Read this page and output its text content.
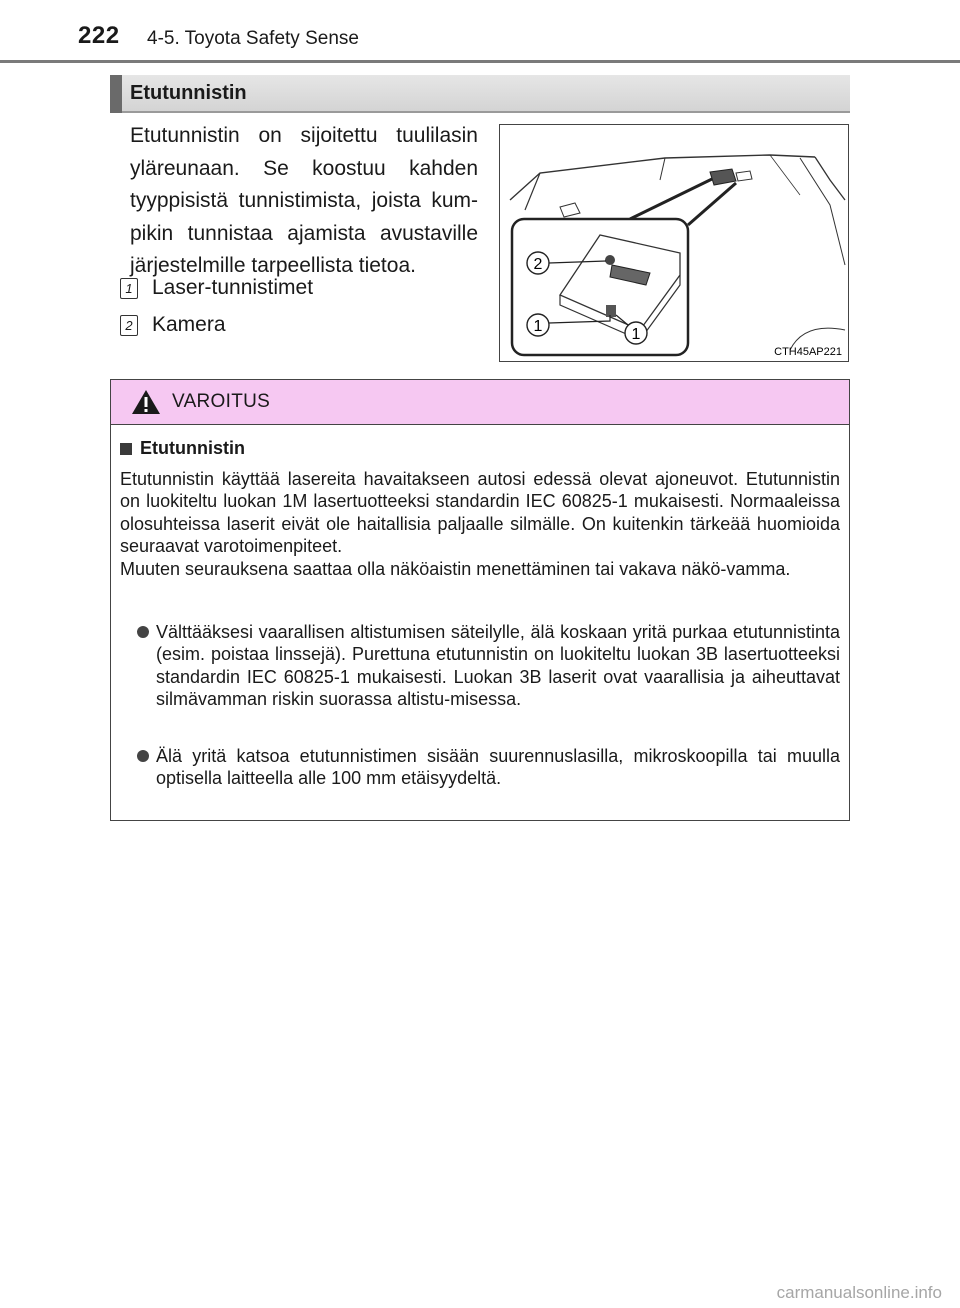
222 4-5. Toyota Safety Sense
Etutunnistin
Etutunnistin on sijoitettu tuulilasin yläreunaan. Se koostuu kahden tyyppisistä tunnistimista, joista kum-pikin tunnistaa ajamista avustaville järjestelmille tarpeellista tietoa.
1 Laser-tunnistimet
2 Kamera
2
1	1
CTH45AP221
VAROITUS
Etutunnistin
Etutunnistin käyttää lasereita havaitakseen autosi edessä olevat ajoneuvot. Etutunnistin on luokiteltu luokan 1M lasertuotteeksi standardin IEC 60825-1 mukaisesti. Normaaleissa olosuhteissa laserit eivät ole haitallisia paljaalle silmälle. On kuitenkin tärkeää huomioida seuraavat varotoimenpiteet.
Muuten seurauksena saattaa olla näköaistin menettäminen tai vakava näkö-vamma.
Välttääksesi vaarallisen altistumisen säteilylle, älä koskaan yritä purkaa etutunnistinta (esim. poistaa linssejä). Purettuna etutunnistin on luokiteltu luokan 3B lasertuotteeksi standardin IEC 60825-1 mukaisesti. Luokan 3B laserit ovat vaarallisia ja aiheuttavat silmävamman riskin suorassa altistu-misessa.
Älä yritä katsoa etutunnistimen sisään suurennuslasilla, mikroskoopilla tai muulla optisella laitteella alle 100 mm etäisyydeltä.
carmanualsonline.info
